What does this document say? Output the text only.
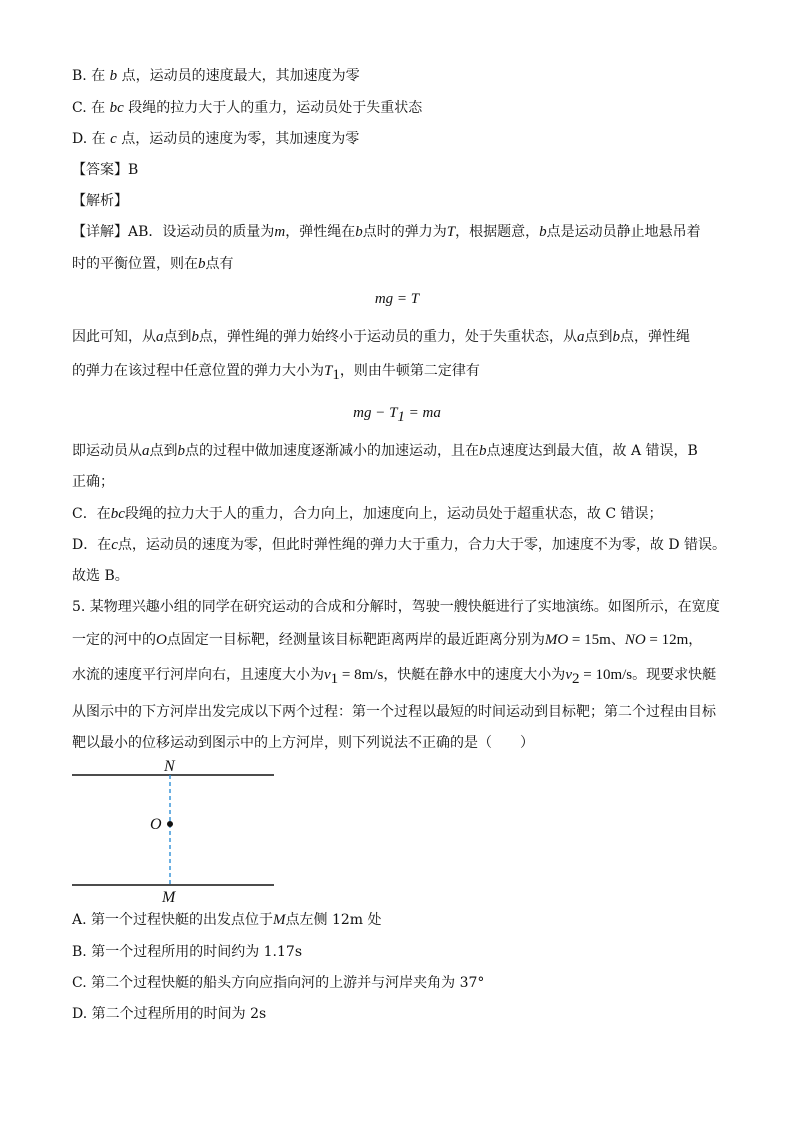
B. 在 b 点，运动员的速度最大，其加速度为零
C. 在 bc 段绳的拉力大于人的重力，运动员处于失重状态
D. 在 c 点，运动员的速度为零，其加速度为零
【答案】B
【解析】
【详解】AB．设运动员的质量为m，弹性绳在b点时的弹力为T，根据题意，b点是运动员静止地悬吊着
时的平衡位置，则在b点有
mg = T
因此可知，从a点到b点，弹性绳的弹力始终小于运动员的重力，处于失重状态，从a点到b点，弹性绳
的弹力在该过程中任意位置的弹力大小为$T_1$，则由牛顿第二定律有
mg − $T_1$ = ma
即运动员从a点到b点的过程中做加速度逐渐减小的加速运动，且在b点速度达到最大值，故 A 错误，B
正确；
C．在bc段绳的拉力大于人的重力，合力向上，加速度向上，运动员处于超重状态，故 C 错误；
D．在c点，运动员的速度为零，但此时弹性绳的弹力大于重力，合力大于零，加速度不为零，故 D 错误。
故选 B。
5. 某物理兴趣小组的同学在研究运动的合成和分解时，驾驶一艘快艇进行了实地演练。如图所示，在宽度
一定的河中的O点固定一目标靶，经测量该目标靶距离两岸的最近距离分别为MO = 15m、NO = 12m，
水流的速度平行河岸向右，且速度大小为$v_1 = 8m/s$，快艇在静水中的速度大小为$v_2 = 10m/s$。现要求快艇
从图示中的下方河岸出发完成以下两个过程：第一个过程以最短的时间运动到目标靶；第二个过程由目标
靶以最小的位移运动到图示中的上方河岸，则下列说法不正确的是（　　）
N
O
M
A. 第一个过程快艇的出发点位于M点左侧 12m 处
B. 第一个过程所用的时间约为 1.17s
C. 第二个过程快艇的船头方向应指向河的上游并与河岸夹角为 37°
D. 第二个过程所用的时间为 2s
